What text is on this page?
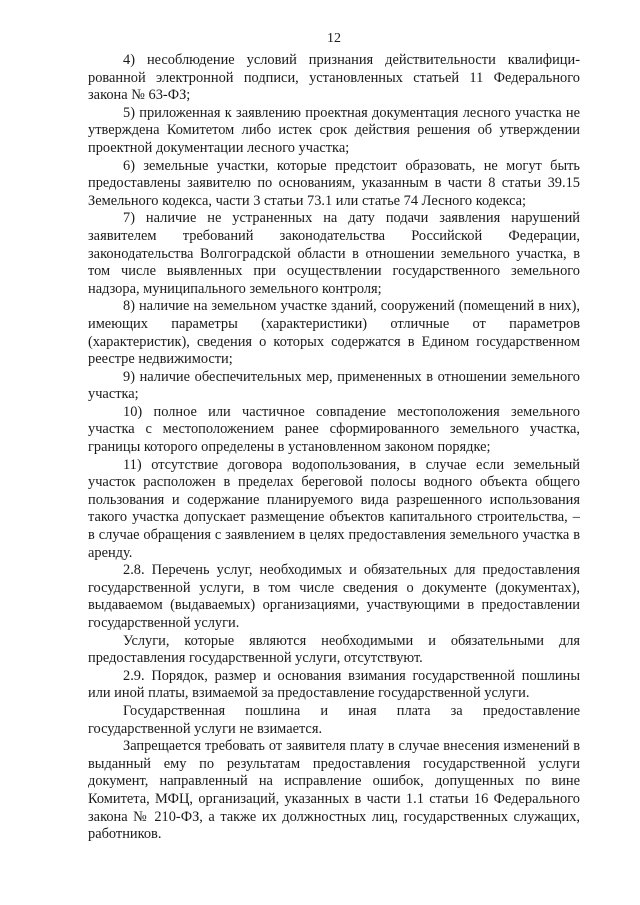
12

4) несоблюдение условий признания действительности квалифицированной электронной подписи, установленных статьей 11 Федерального закона № 63-ФЗ;

5) приложенная к заявлению проектная документация лесного участка не утверждена Комитетом либо истек срок действия решения об утверждении проектной документации лесного участка;

6) земельные участки, которые предстоит образовать, не могут быть предоставлены заявителю по основаниям, указанным в части 8 статьи 39.15 Земельного кодекса, части 3 статьи 73.1 или статье 74 Лесного кодекса;

7) наличие не устраненных на дату подачи заявления нарушений заявителем требований законодательства Российской Федерации, законодательства Волгоградской области в отношении земельного участка, в том числе выявленных при осуществлении государственного земельного надзора, муниципального земельного контроля;

8) наличие на земельном участке зданий, сооружений (помещений в них), имеющих параметры (характеристики) отличные от параметров (характеристик), сведения о которых содержатся в Едином государственном реестре недвижимости;

9) наличие обеспечительных мер, примененных в отношении земельного участка;

10) полное или частичное совпадение местоположения земельного участка с местоположением ранее сформированного земельного участка, границы которого определены в установленном законом порядке;

11) отсутствие договора водопользования, в случае если земельный участок расположен в пределах береговой полосы водного объекта общего пользования и содержание планируемого вида разрешенного использования такого участка допускает размещение объектов капитального строительства, – в случае обращения с заявлением в целях предоставления земельного участка в аренду.

2.8. Перечень услуг, необходимых и обязательных для предоставления государственной услуги, в том числе сведения о документе (документах), выдаваемом (выдаваемых) организациями, участвующими в предоставлении государственной услуги.

Услуги, которые являются необходимыми и обязательными для предоставления государственной услуги, отсутствуют.

2.9. Порядок, размер и основания взимания государственной пошлины или иной платы, взимаемой за предоставление государственной услуги.

Государственная пошлина и иная плата за предоставление государственной услуги не взимается.

Запрещается требовать от заявителя плату в случае внесения изменений в выданный ему по результатам предоставления государственной услуги документ, направленный на исправление ошибок, допущенных по вине Комитета, МФЦ, организаций, указанных в части 1.1 статьи 16 Федерального закона № 210-ФЗ, а также их должностных лиц, государственных служащих, работников.
